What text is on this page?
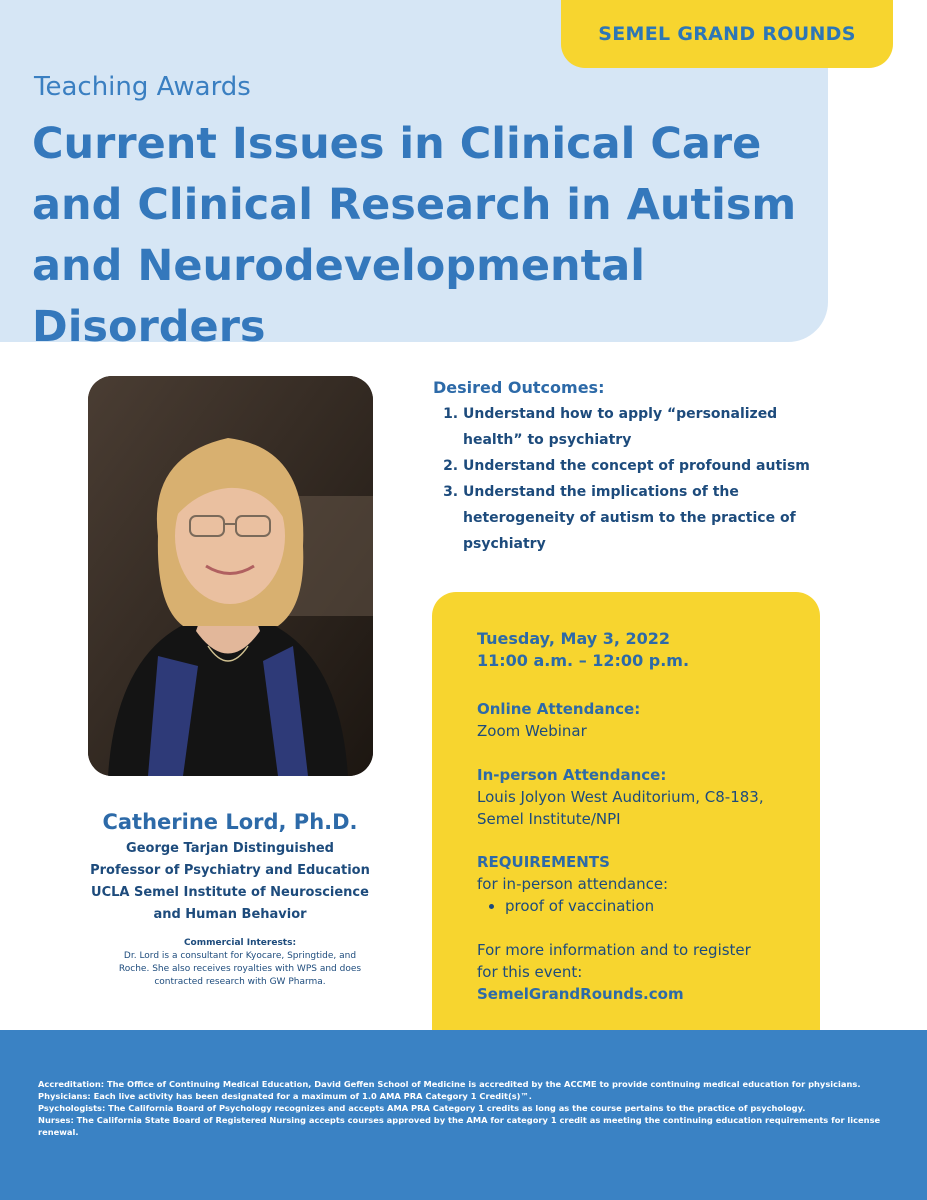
SEMEL GRAND ROUNDS
Teaching Awards
Current Issues in Clinical Care and Clinical Research in Autism and Neurodevelopmental Disorders
Catherine Lord, Ph.D.
George Tarjan Distinguished
Professor of Psychiatry and Education
UCLA Semel Institute of Neuroscience
and Human Behavior
Commercial Interests:
Dr. Lord is a consultant for Kyocare, Springtide, and Roche. She also receives royalties with WPS and does contracted research with GW Pharma.
Desired Outcomes:
1. Understand how to apply “personalized health” to psychiatry
2. Understand the concept of profound autism
3. Understand the implications of the heterogeneity of autism to the practice of psychiatry
Tuesday, May 3, 2022
11:00 a.m. – 12:00 p.m.
Online Attendance:
Zoom Webinar
In-person Attendance:
Louis Jolyon West Auditorium, C8-183,
Semel Institute/NPI
REQUIREMENTS
for in-person attendance:
• proof of vaccination
For more information and to register
for this event:
SemelGrandRounds.com
Accreditation: The Office of Continuing Medical Education, David Geffen School of Medicine is accredited by the ACCME to provide continuing medical education for physicians.
Physicians: Each live activity has been designated for a maximum of 1.0 AMA PRA Category 1 Credit(s)™.
Psychologists: The California Board of Psychology recognizes and accepts AMA PRA Category 1 credits as long as the course pertains to the practice of psychology.
Nurses: The California State Board of Registered Nursing accepts courses approved by the AMA for category 1 credit as meeting the continuing education requirements for license renewal.
